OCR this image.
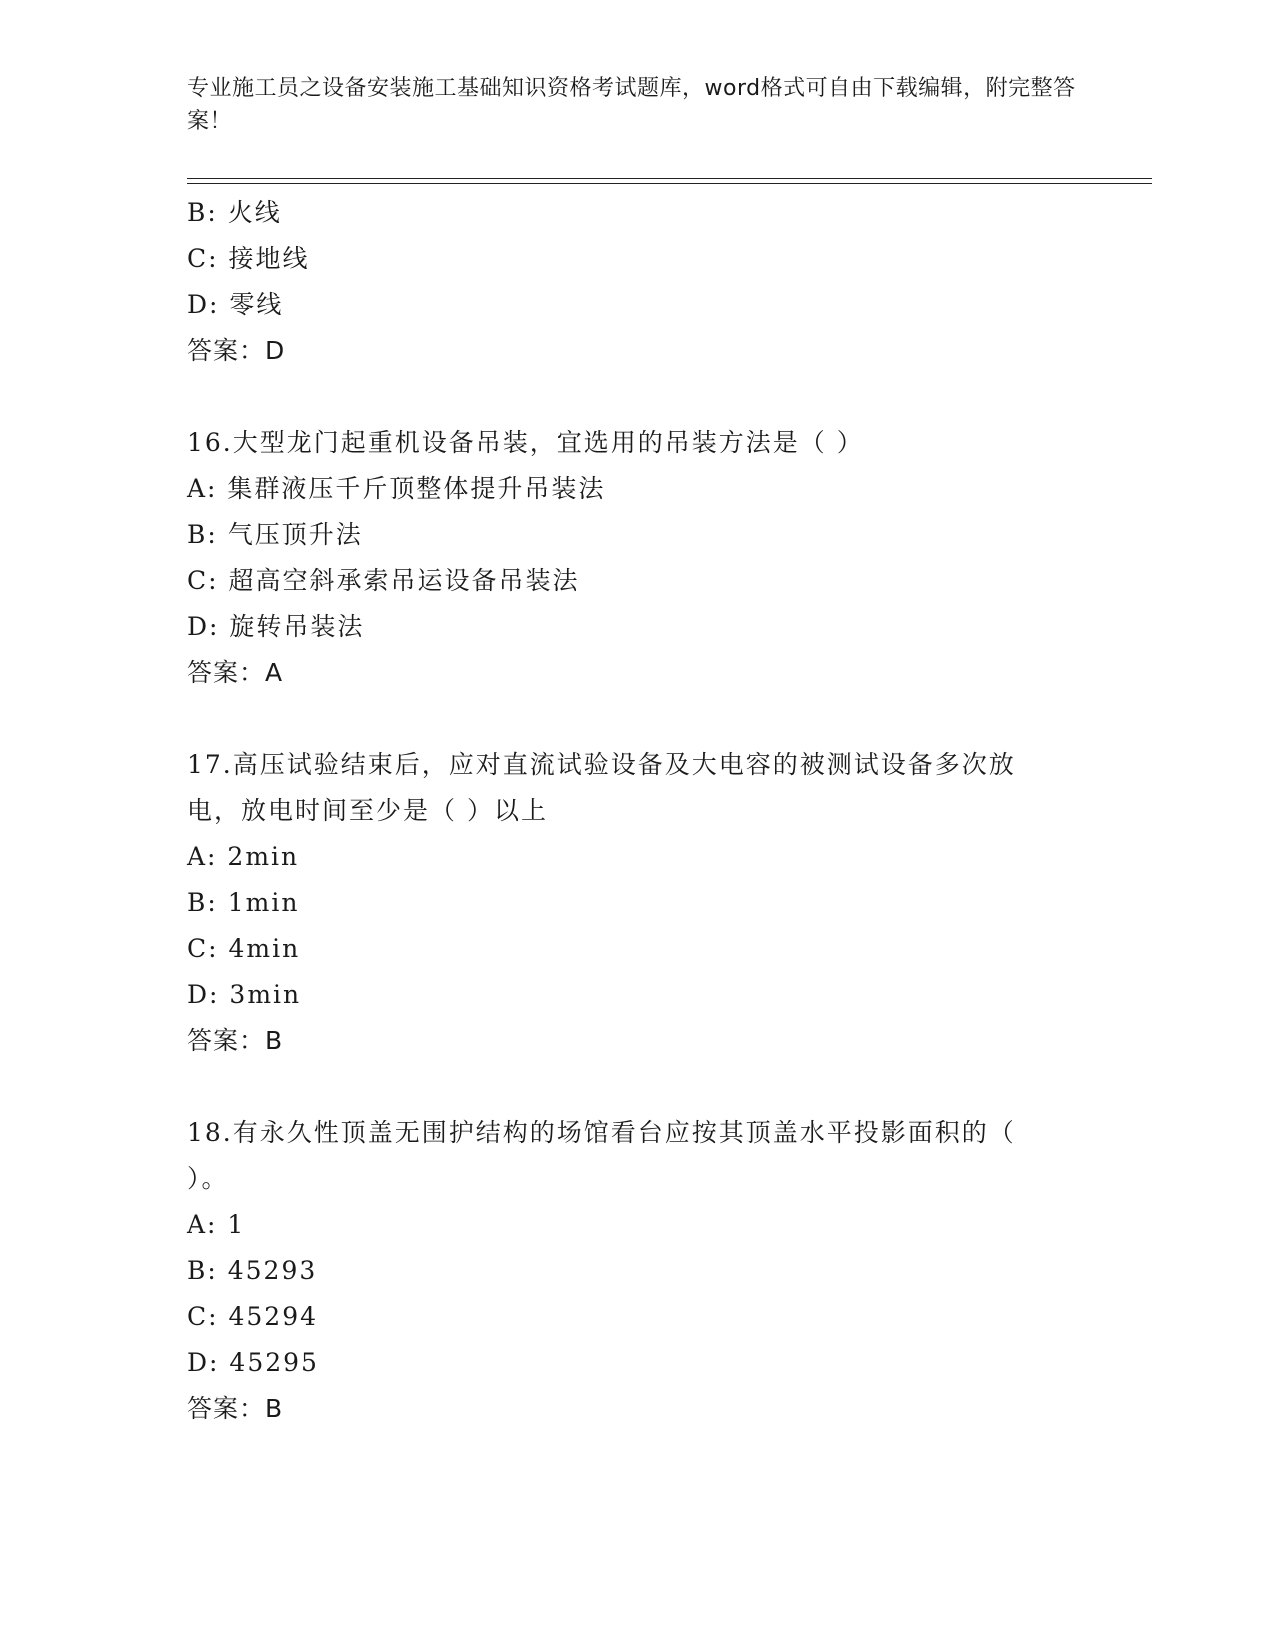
专业施工员之设备安装施工基础知识资格考试题库，word格式可自由下载编辑，附完整答案！
B: 火线
C: 接地线
D: 零线
答案：D
16.大型龙门起重机设备吊装，宜选用的吊装方法是（ ）
A: 集群液压千斤顶整体提升吊装法
B: 气压顶升法
C: 超高空斜承索吊运设备吊装法
D: 旋转吊装法
答案：A
17.高压试验结束后，应对直流试验设备及大电容的被测试设备多次放电，放电时间至少是（ ）以上
A: 2min
B: 1min
C: 4min
D: 3min
答案：B
18.有永久性顶盖无围护结构的场馆看台应按其顶盖水平投影面积的（ ）。
A: 1
B: 45293
C: 45294
D: 45295
答案：B
